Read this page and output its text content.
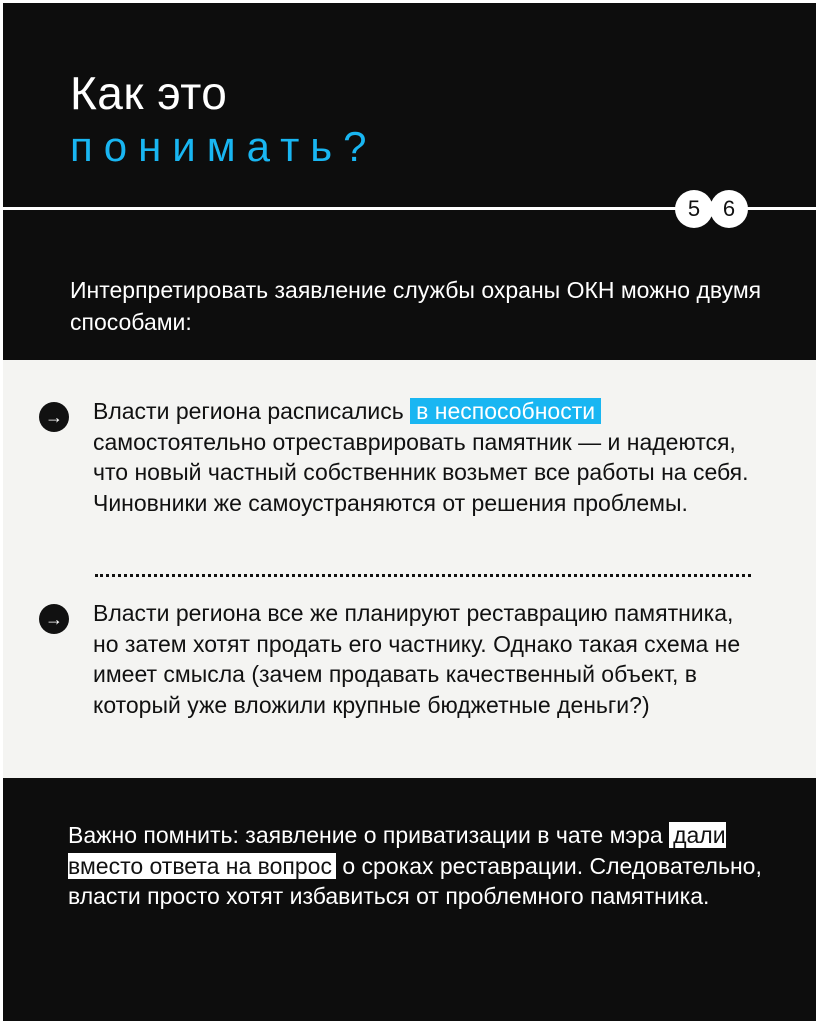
Как это
понимать?
5	6
Интерпретировать заявление службы охраны ОКН можно двумя способами:
→ Власти региона расписались в неспособности самостоятельно отреставрировать памятник — и надеются, что новый частный собственник возьмет все работы на себя. Чиновники же самоустраняются от решения проблемы.
→ Власти региона все же планируют реставрацию памятника, но затем хотят продать его частнику. Однако такая схема не имеет смысла (зачем продавать качественный объект, в который уже вложили крупные бюджетные деньги?)
Важно помнить: заявление о приватизации в чате мэра дали вместо ответа на вопрос о сроках реставрации. Следовательно, власти просто хотят избавиться от проблемного памятника.
